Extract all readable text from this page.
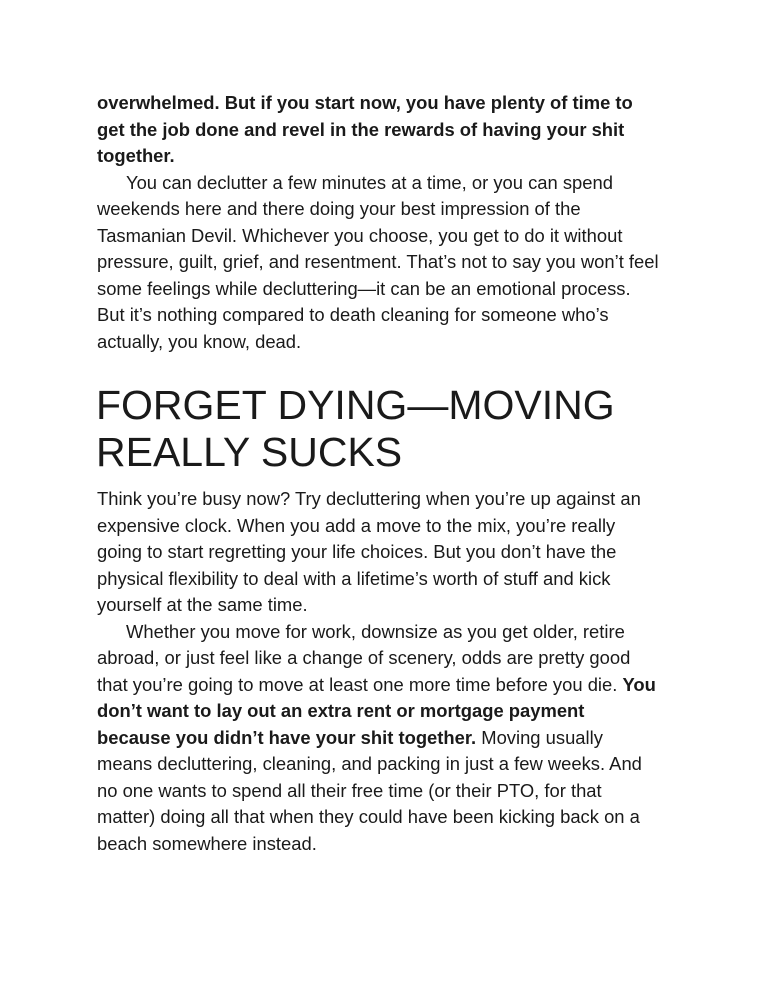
overwhelmed. But if you start now, you have plenty of time to
get the job done and revel in the rewards of having your shit
together.
You can declutter a few minutes at a time, or you can spend
weekends here and there doing your best impression of the
Tasmanian Devil. Whichever you choose, you get to do it without
pressure, guilt, grief, and resentment. That’s not to say you won’t feel
some feelings while decluttering—it can be an emotional process.
But it’s nothing compared to death cleaning for someone who’s
actually, you know, dead.
FORGET DYING—MOVING
REALLY SUCKS
Think you’re busy now? Try decluttering when you’re up against an
expensive clock. When you add a move to the mix, you’re really
going to start regretting your life choices. But you don’t have the
physical flexibility to deal with a lifetime’s worth of stuff and kick
yourself at the same time.
Whether you move for work, downsize as you get older, retire
abroad, or just feel like a change of scenery, odds are pretty good
that you’re going to move at least one more time before you die. You
don’t want to lay out an extra rent or mortgage payment
because you didn’t have your shit together. Moving usually
means decluttering, cleaning, and packing in just a few weeks. And
no one wants to spend all their free time (or their PTO, for that
matter) doing all that when they could have been kicking back on a
beach somewhere instead.
